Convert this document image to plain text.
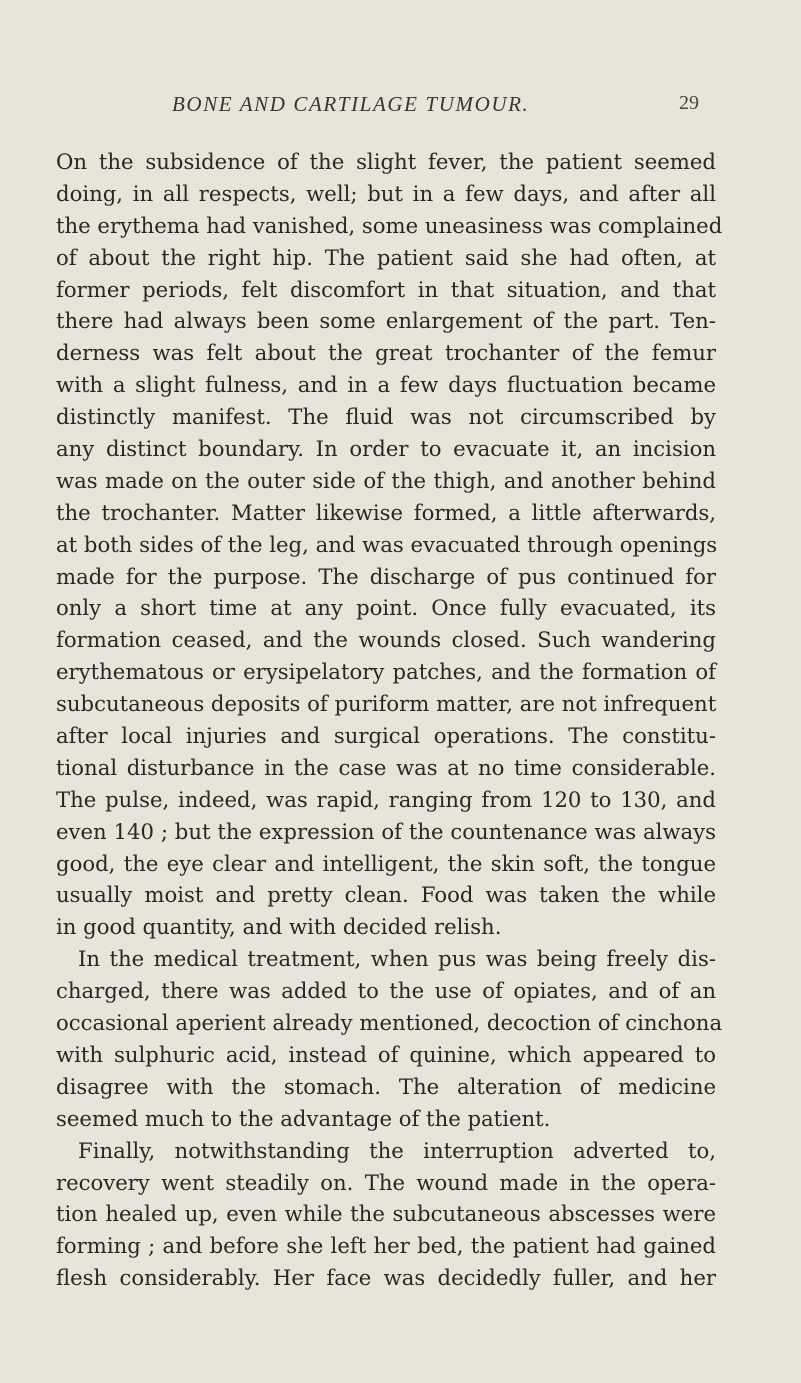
BONE AND CARTILAGE TUMOUR.	29
On the subsidence of the slight fever, the patient seemed
doing, in all respects, well; but in a few days, and after all
the erythema had vanished, some uneasiness was complained
of about the right hip. The patient said she had often, at
former periods, felt discomfort in that situation, and that
there had always been some enlargement of the part. Ten-
derness was felt about the great trochanter of the femur
with a slight fulness, and in a few days fluctuation became
distinctly manifest. The fluid was not circumscribed by
any distinct boundary. In order to evacuate it, an incision
was made on the outer side of the thigh, and another behind
the trochanter. Matter likewise formed, a little afterwards,
at both sides of the leg, and was evacuated through openings
made for the purpose. The discharge of pus continued for
only a short time at any point. Once fully evacuated, its
formation ceased, and the wounds closed. Such wandering
erythematous or erysipelatory patches, and the formation of
subcutaneous deposits of puriform matter, are not infrequent
after local injuries and surgical operations. The constitu-
tional disturbance in the case was at no time considerable.
The pulse, indeed, was rapid, ranging from 120 to 130, and
even 140 ; but the expression of the countenance was always
good, the eye clear and intelligent, the skin soft, the tongue
usually moist and pretty clean. Food was taken the while
in good quantity, and with decided relish.
In the medical treatment, when pus was being freely dis-
charged, there was added to the use of opiates, and of an
occasional aperient already mentioned, decoction of cinchona
with sulphuric acid, instead of quinine, which appeared to
disagree with the stomach. The alteration of medicine
seemed much to the advantage of the patient.
Finally, notwithstanding the interruption adverted to,
recovery went steadily on. The wound made in the opera-
tion healed up, even while the subcutaneous abscesses were
forming ; and before she left her bed, the patient had gained
flesh considerably. Her face was decidedly fuller, and her
